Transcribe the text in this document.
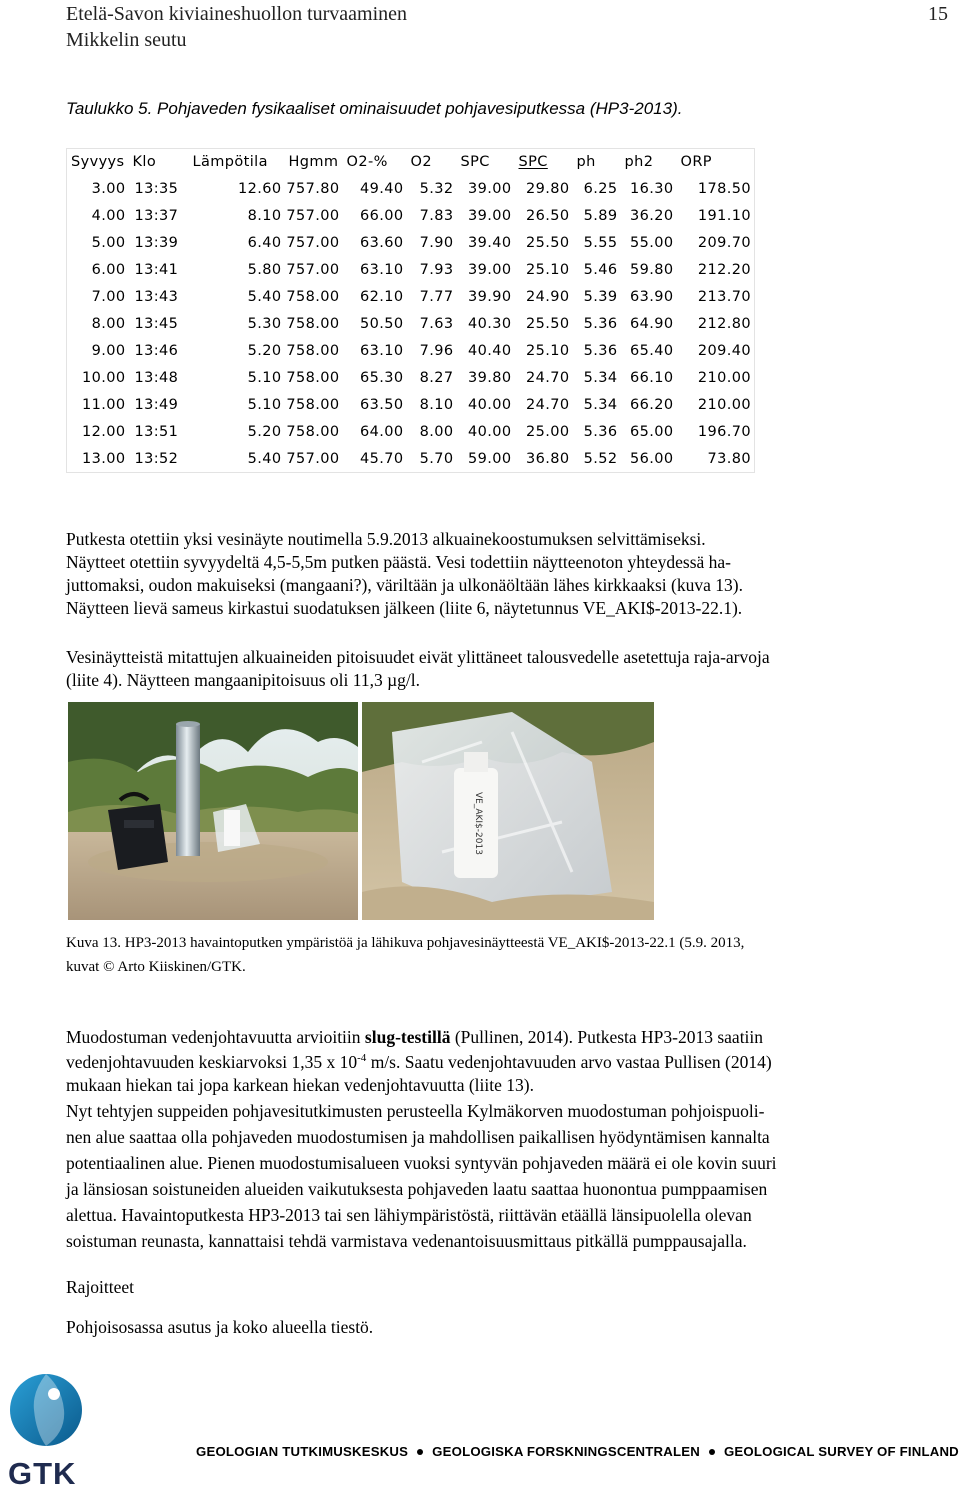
Etelä-Savon kiviaineshuollon turvaaminen
Mikkelin seutu
15
Taulukko 5. Pohjaveden fysikaaliset ominaisuudet pohjavesiputkessa (HP3-2013).
Syvyys	Klo	Lämpötila	Hgmm	O2-%	O2	SPC	SPC	ph	ph2	ORP
3.00	13:35	12.60	757.80	49.40	5.32	39.00	29.80	6.25	16.30	178.50
4.00	13:37	8.10	757.00	66.00	7.83	39.00	26.50	5.89	36.20	191.10
5.00	13:39	6.40	757.00	63.60	7.90	39.40	25.50	5.55	55.00	209.70
6.00	13:41	5.80	757.00	63.10	7.93	39.00	25.10	5.46	59.80	212.20
7.00	13:43	5.40	758.00	62.10	7.77	39.90	24.90	5.39	63.90	213.70
8.00	13:45	5.30	758.00	50.50	7.63	40.30	25.50	5.36	64.90	212.80
9.00	13:46	5.20	758.00	63.10	7.96	40.40	25.10	5.36	65.40	209.40
10.00	13:48	5.10	758.00	65.30	8.27	39.80	24.70	5.34	66.10	210.00
11.00	13:49	5.10	758.00	63.50	8.10	40.00	24.70	5.34	66.20	210.00
12.00	13:51	5.20	758.00	64.00	8.00	40.00	25.00	5.36	65.00	196.70
13.00	13:52	5.40	757.00	45.70	5.70	59.00	36.80	5.52	56.00	73.80

Putkesta otettiin yksi vesinäyte noutimella 5.9.2013 alkuainekoostumuksen selvittämiseksi.

Näytteet otettiin syvyydeltä 4,5-5,5m putken päästä. Vesi todettiin näytteenoton yhteydessä ha-

juttomaksi, oudon makuiseksi (mangaani?), väriltään ja ulkonäöltään lähes kirkkaaksi (kuva 13).

Näytteen lievä sameus kirkastui suodatuksen jälkeen (liite 6, näytetunnus VE_AKI$-2013-22.1).

Vesinäytteistä mitattujen alkuaineiden pitoisuudet eivät ylittäneet talousvedelle asetettuja raja-arvoja

(liite 4). Näytteen mangaanipitoisuus oli 11,3 µg/l.

VE_AKI$-2013
Kuva 13. HP3-2013 havaintoputken ympäristöä ja lähikuva pohjavesinäytteestä VE_AKI$-2013-22.1 (5.9. 2013,
kuvat © Arto Kiiskinen/GTK.

Muodostuman vedenjohtavuutta arvioitiin slug-testillä (Pullinen, 2014). Putkesta HP3-2013 saatiin

vedenjohtavuuden keskiarvoksi 1,35 x $10^{-4}$ m/s. Saatu vedenjohtavuuden arvo vastaa Pullisen (2014)

mukaan hiekan tai jopa karkean hiekan vedenjohtavuutta (liite 13).

Nyt tehtyjen suppeiden pohjavesitutkimusten perusteella Kylmäkorven muodostuman pohjoispuoli-

nen alue saattaa olla pohjaveden muodostumisen ja mahdollisen paikallisen hyödyntämisen kannalta

potentiaalinen alue. Pienen muodostumisalueen vuoksi syntyvän pohjaveden määrä ei ole kovin suuri

ja länsiosan soistuneiden alueiden vaikutuksesta pohjaveden laatu saattaa huonontua pumppaamisen

alettua. Havaintoputkesta HP3-2013 tai sen lähiympäristöstä, riittävän etäällä länsipuolella olevan

soistuman reunasta, kannattaisi tehdä varmistava vedenantoisuusmittaus pitkällä pumppausajalla.

Rajoitteet
Pohjoisosassa asutus ja koko alueella tiestö.
GTK
GEOLOGIAN TUTKIMUSKESKUS GEOLOGISKA FORSKNINGSCENTRALEN GEOLOGICAL SURVEY OF FINLAND
